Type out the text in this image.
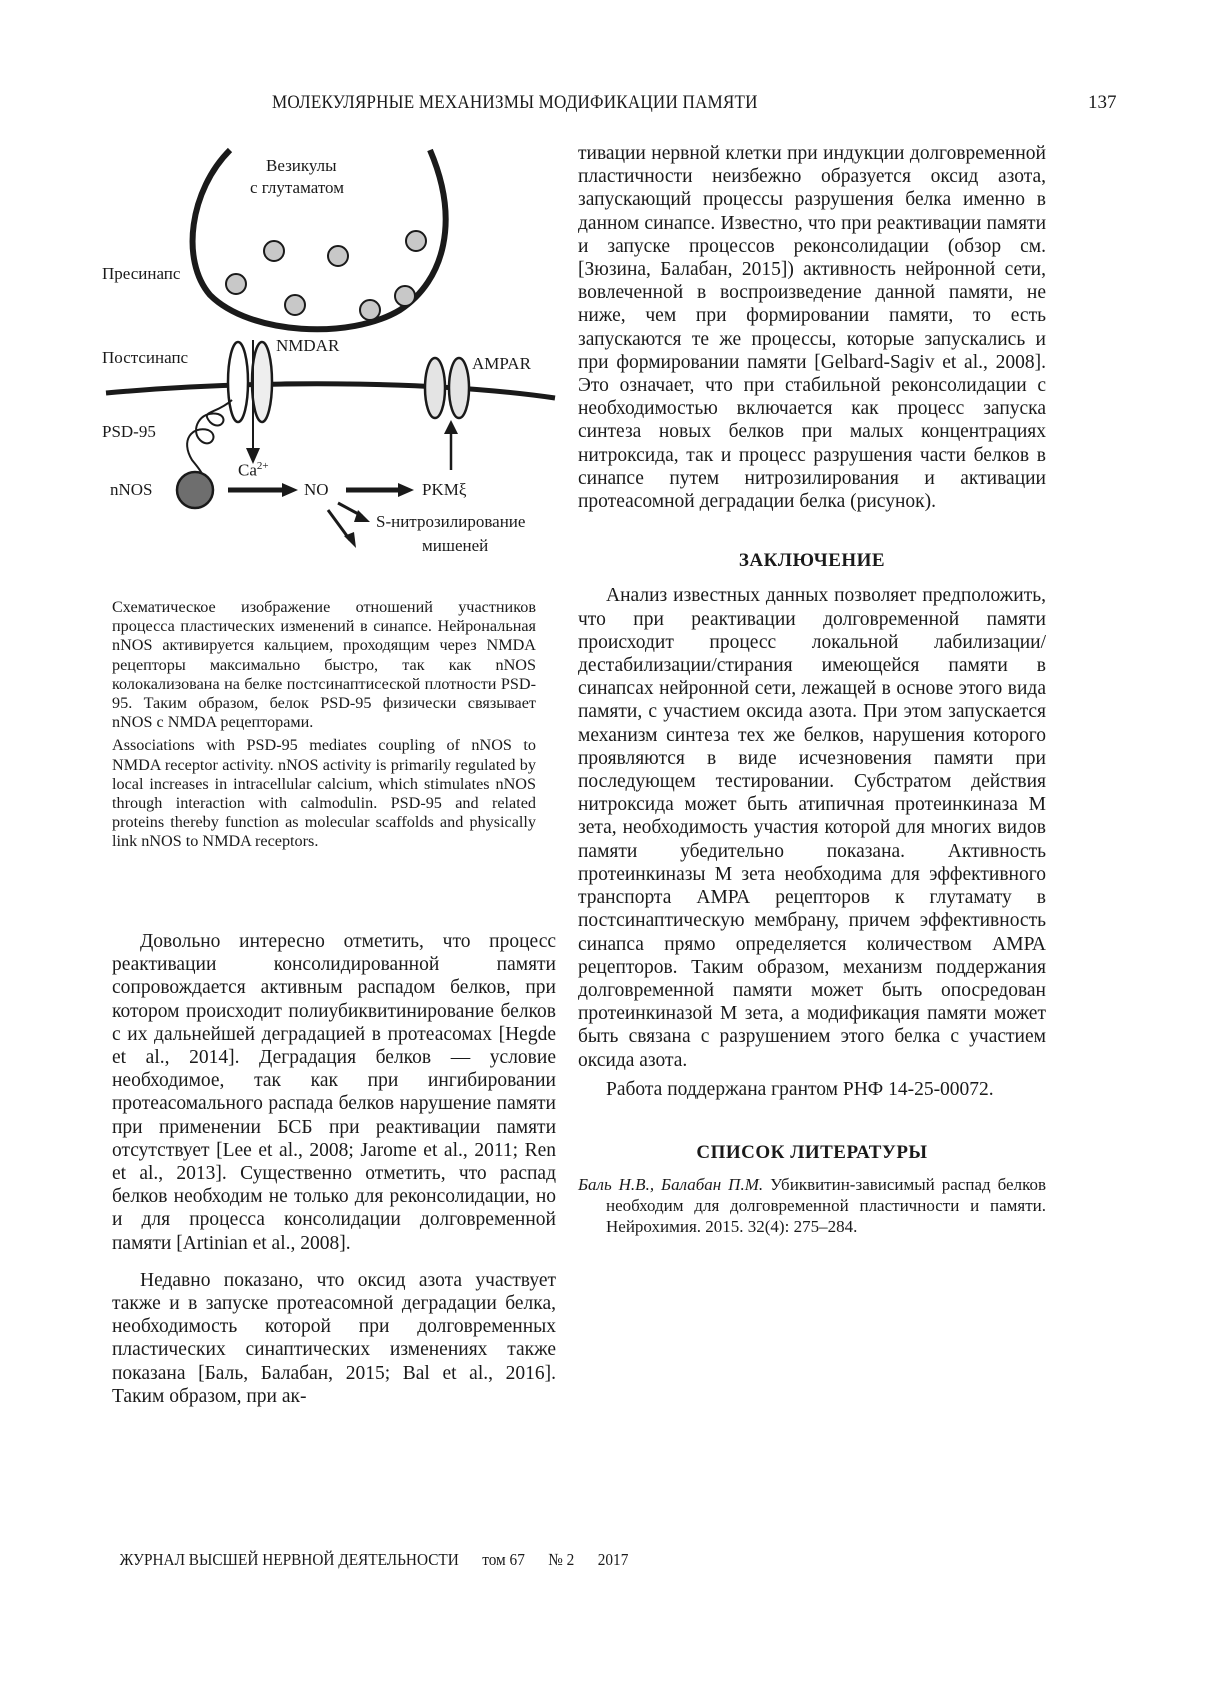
МОЛЕКУЛЯРНЫЕ МЕХАНИЗМЫ МОДИФИКАЦИИ ПАМЯТИ	137
Везикулы
с глутаматом
Пресинапс
Постсинапс
NMDAR
AMPAR
PSD-95
$Ca^{2+}$
nNOS	NO	PKMξ
S-нитрозилирование
мишеней

Схематическое изображение отношений участников процесса пластических изменений в синапсе. Нейрональная nNOS активируется кальцием, проходящим через NMDA рецепторы максимально быстро, так как nNOS колокализована на белке постсинаптисеской плотности PSD-95. Таким образом, белок PSD-95 физически связывает nNOS с NMDA рецепторами.

Associations with PSD-95 mediates coupling of nNOS to NMDA receptor activity. nNOS activity is primarily regulated by local increases in intracellular calcium, which stimulates nNOS through interaction with calmodulin. PSD-95 and related proteins thereby function as molecular scaffolds and physically link nNOS to NMDA receptors.

Довольно интересно отметить, что процесс реактивации консолидированной памяти сопровождается активным распадом белков, при котором происходит полиубиквитинирование белков с их дальнейшей деградацией в протеасомах [Hegde et al., 2014]. Деградация белков — условие необходимое, так как при ингибировании протеасомального распада белков нарушение памяти при применении БСБ при реактивации памяти отсутствует [Lee et al., 2008; Jarome et al., 2011; Ren et al., 2013]. Существенно отметить, что распад белков необходим не только для реконсолидации, но и для процесса консолидации долговременной памяти [Artinian et al., 2008].

Недавно показано, что оксид азота участвует также и в запуске протеасомной деградации белка, необходимость которой при долговременных пластических синаптических изменениях также показана [Баль, Балабан, 2015; Bal et al., 2016]. Таким образом, при ак-

тивации нервной клетки при индукции долговременной пластичности неизбежно образуется оксид азота, запускающий процессы разрушения белка именно в данном синапсе. Известно, что при реактивации памяти и запуске процессов реконсолидации (обзор см. [Зюзина, Балабан, 2015]) активность нейронной сети, вовлеченной в воспроизведение данной памяти, не ниже, чем при формировании памяти, то есть запускаются те же процессы, которые запускались и при формировании памяти [Gelbard-Sagiv et al., 2008]. Это означает, что при стабильной реконсолидации с необходимостью включается как процесс запуска синтеза новых белков при малых концентрациях нитроксида, так и процесс разрушения части белков в синапсе путем нитрозилирования и активации протеасомной деградации белка (рисунок).

ЗАКЛЮЧЕНИЕ

Анализ известных данных позволяет предположить, что при реактивации долговременной памяти происходит процесс локальной лабилизации/дестабилизации/стирания имеющейся памяти в синапсах нейронной сети, лежащей в основе этого вида памяти, с участием оксида азота. При этом запускается механизм синтеза тех же белков, нарушения которого проявляются в виде исчезновения памяти при последующем тестировании. Субстратом действия нитроксида может быть атипичная протеинкиназа М зета, необходимость участия которой для многих видов памяти убедительно показана. Активность протеинкиназы М зета необходима для эффективного транспорта АМРА рецепторов к глутамату в постсинаптическую мембрану, причем эффективность синапса прямо определяется количеством АМРА рецепторов. Таким образом, механизм поддержания долговременной памяти может быть опосредован протеинкиназой М зета, а модификация памяти может быть связана с разрушением этого белка с участием оксида азота.

Работа поддержана грантом РНФ 14-25-00072.

СПИСОК ЛИТЕРАТУРЫ

Баль Н.В., Балабан П.М. Убиквитин-зависимый распад белков необходим для долговременной пластичности и памяти. Нейрохимия. 2015. 32(4): 275–284.

ЖУРНАЛ ВЫСШЕЙ НЕРВНОЙ ДЕЯТЕЛЬНОСТИ том 67 № 2 2017
